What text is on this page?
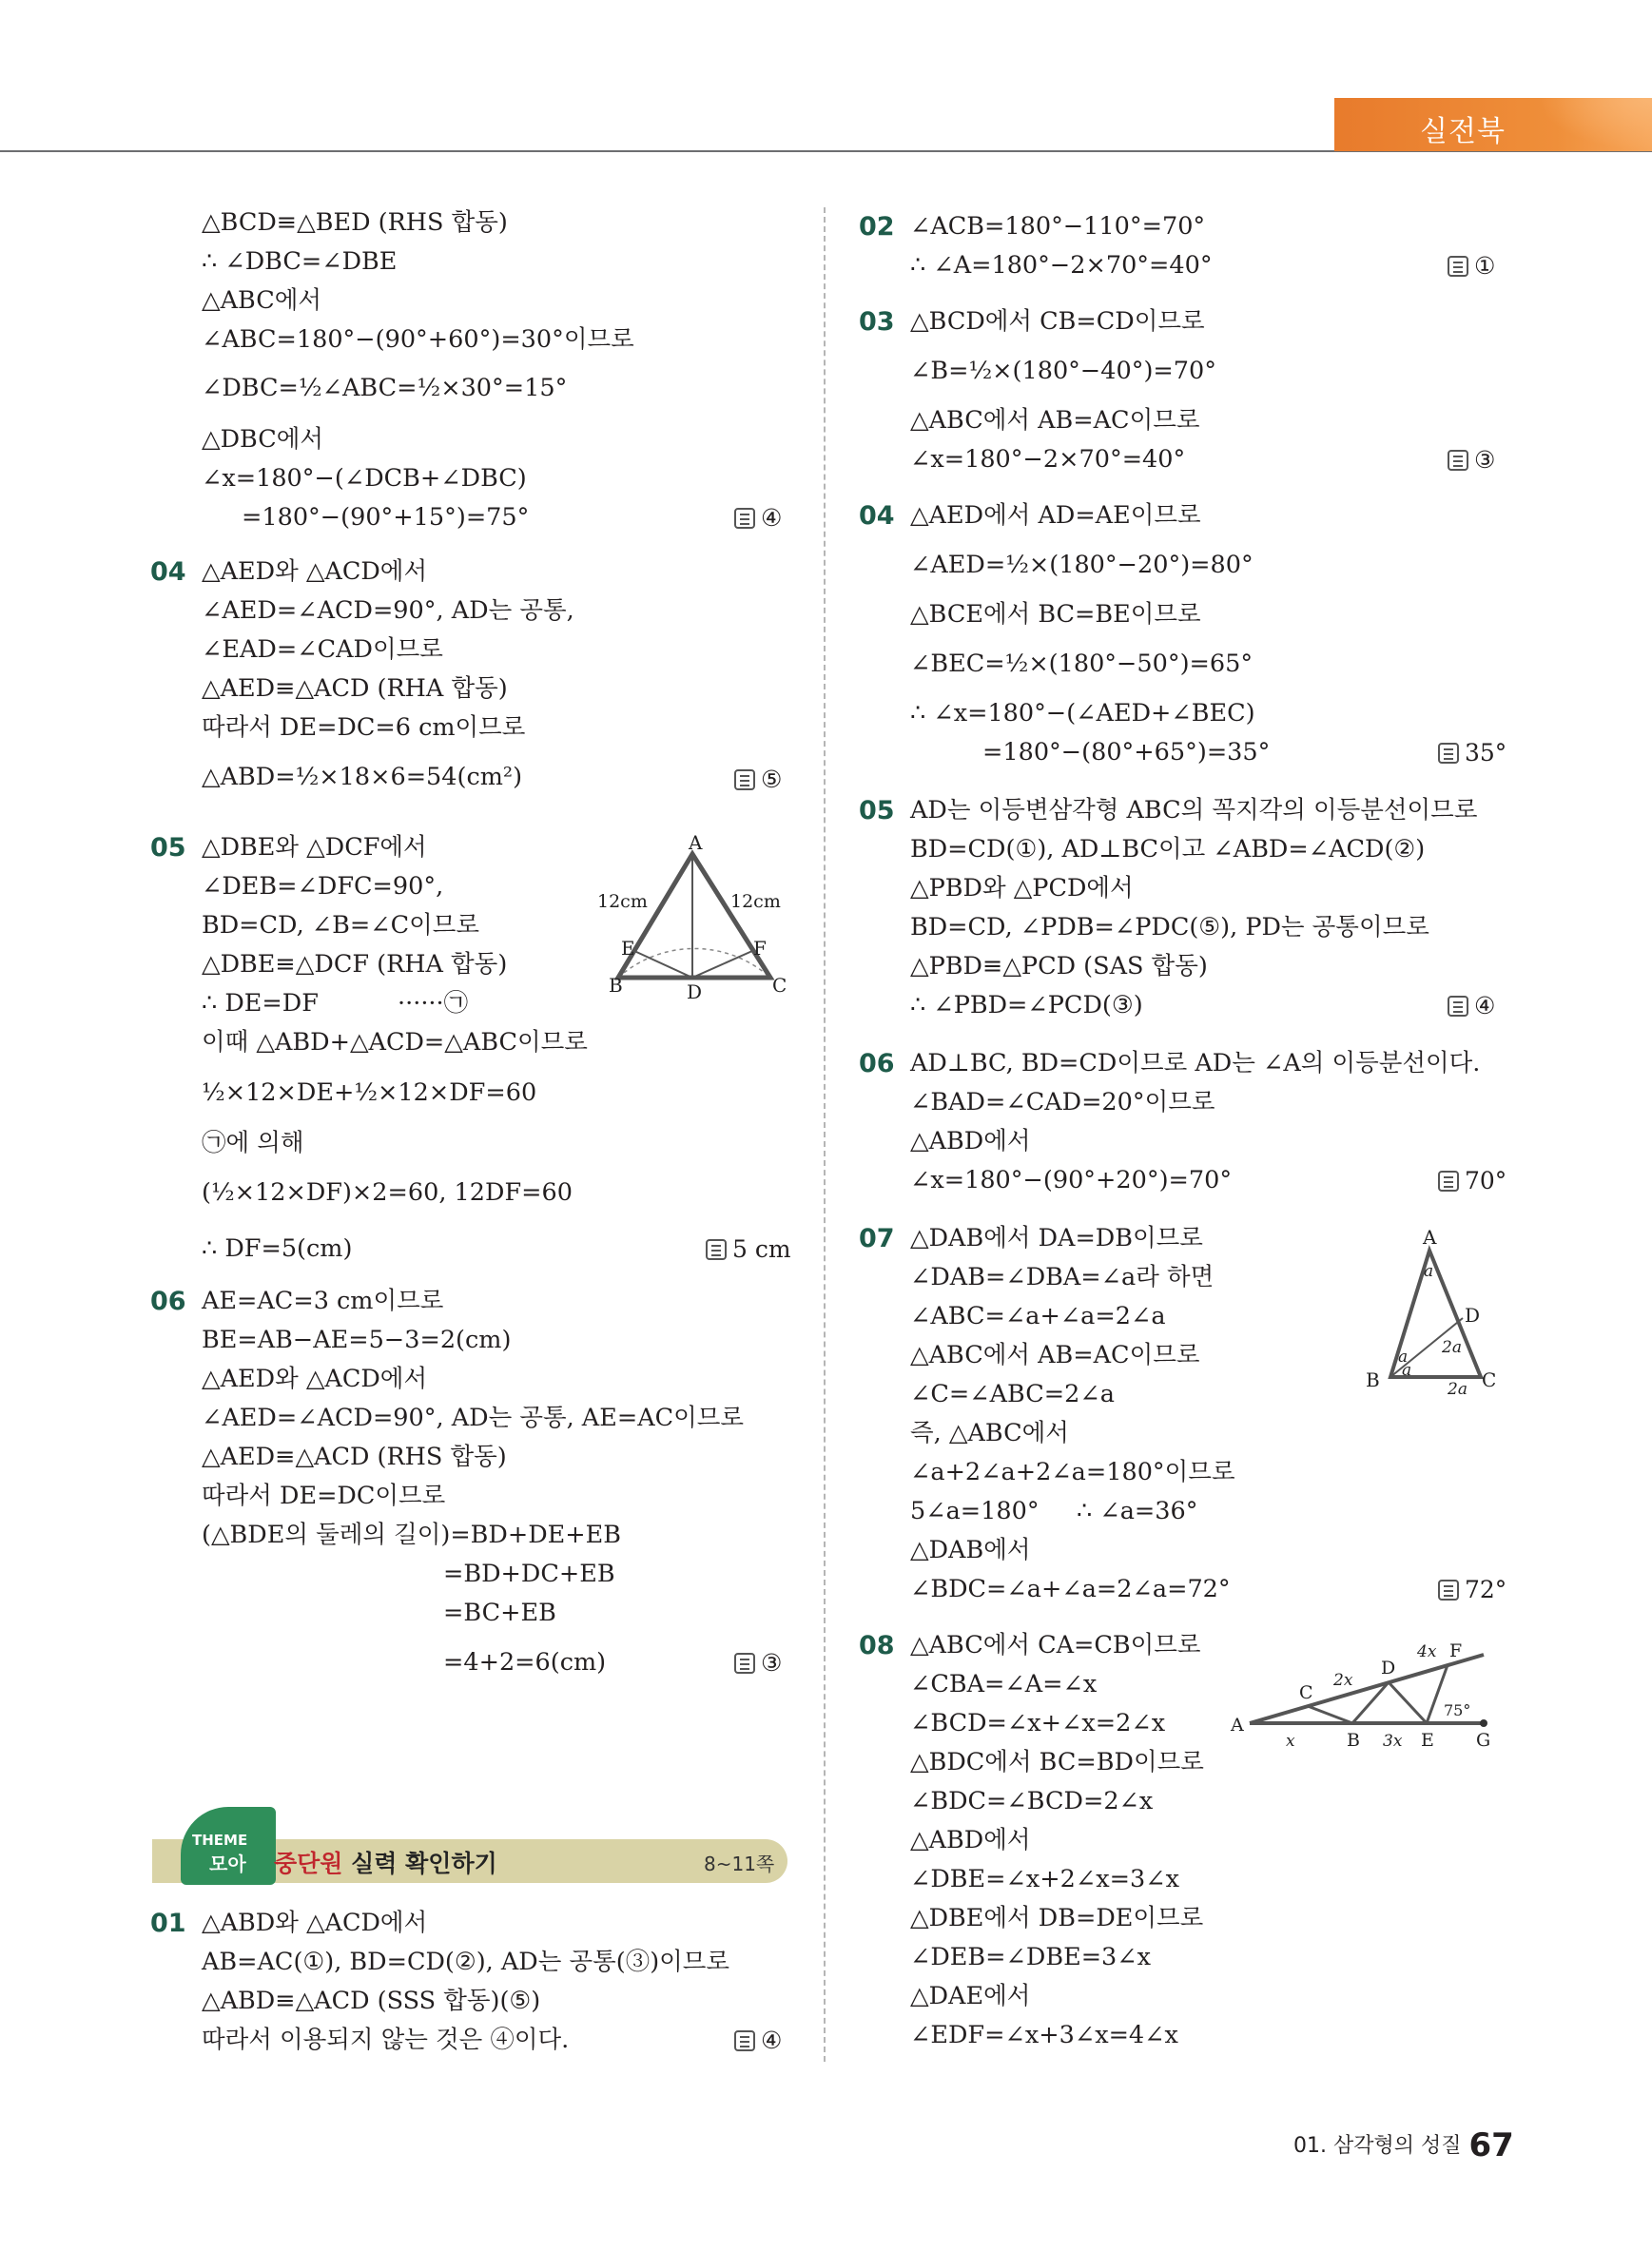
실전북
△BCD≡△BED (RHS 합동)
∴ ∠DBC=∠DBE
△ABC에서
∠ABC=180°−(90°+60°)=30°이므로
∠DBC=½∠ABC=½×30°=15°
△DBC에서
∠x=180°−(∠DCB+∠DBC)
=180°−(90°+15°)=75°	④
04 △AED와 △ACD에서
∠AED=∠ACD=90°, AD는 공통,
∠EAD=∠CAD이므로
△AED≡△ACD (RHA 합동)
따라서 DE=DC=6 cm이므로
△ABD=½×18×6=54(cm²)	⑤
05 △DBE와 △DCF에서
∠DEB=∠DFC=90°,
BD=CD, ∠B=∠C이므로
△DBE≡△DCF (RHA 합동)
∴ DE=DF	······㉠
이때 △ABD+△ACD=△ABC이므로
½×12×DE+½×12×DF=60
㉠에 의해
(½×12×DF)×2=60, 12DF=60
∴ DF=5(cm)	5 cm
A
B	C
D
E	F
12cm	12cm
06 AE=AC=3 cm이므로
BE=AB−AE=5−3=2(cm)
△AED와 △ACD에서
∠AED=∠ACD=90°, AD는 공통, AE=AC이므로
△AED≡△ACD (RHS 합동)
따라서 DE=DC이므로
(△BDE의 둘레의 길이)=BD+DE+EB
=BD+DC+EB
=BC+EB
=4+2=6(cm)	③
THEME
모아 중단원 실력 확인하기	8~11쪽
01 △ABD와 △ACD에서
AB=AC(①), BD=CD(②), AD는 공통(③)이므로
△ABD≡△ACD (SSS 합동)(⑤)
따라서 이용되지 않는 것은 ④이다.	④
02 ∠ACB=180°−110°=70°
∴ ∠A=180°−2×70°=40°	①
03 △BCD에서 CB=CD이므로
∠B=½×(180°−40°)=70°
△ABC에서 AB=AC이므로
∠x=180°−2×70°=40°	③
04 △AED에서 AD=AE이므로
∠AED=½×(180°−20°)=80°
△BCE에서 BC=BE이므로
∠BEC=½×(180°−50°)=65°
∴ ∠x=180°−(∠AED+∠BEC)
=180°−(80°+65°)=35°	35°
05 AD는 이등변삼각형 ABC의 꼭지각의 이등분선이므로
BD=CD(①), AD⊥BC이고 ∠ABD=∠ACD(②)
△PBD와 △PCD에서
BD=CD, ∠PDB=∠PDC(⑤), PD는 공통이므로
△PBD≡△PCD (SAS 합동)
∴ ∠PBD=∠PCD(③)	④
06 AD⊥BC, BD=CD이므로 AD는 ∠A의 이등분선이다.
∠BAD=∠CAD=20°이므로
△ABD에서
∠x=180°−(90°+20°)=70°	70°
07 △DAB에서 DA=DB이므로
∠DAB=∠DBA=∠a라 하면
∠ABC=∠a+∠a=2∠a
△ABC에서 AB=AC이므로
∠C=∠ABC=2∠a
즉, △ABC에서
∠a+2∠a+2∠a=180°이므로
5∠a=180° ∴ ∠a=36°
△DAB에서
∠BDC=∠a+∠a=2∠a=72°	72°
A
B	C
D
a
a
a
2a
2a
08 △ABC에서 CA=CB이므로
∠CBA=∠A=∠x
∠BCD=∠x+∠x=2∠x
△BDC에서 BC=BD이므로
∠BDC=∠BCD=2∠x
△ABD에서
∠DBE=∠x+2∠x=3∠x
△DBE에서 DB=DE이므로
∠DEB=∠DBE=3∠x
△DAE에서
∠EDF=∠x+3∠x=4∠x
A
B
C
D
E
F
G
x
2x
3x
4x
75°
01. 삼각형의 성질 67
